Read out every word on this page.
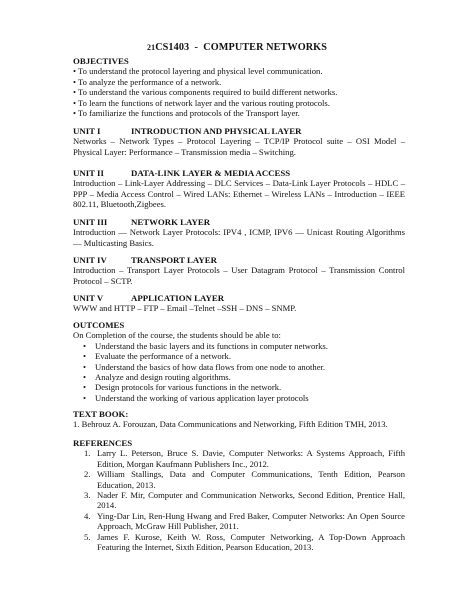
21CS1403 - COMPUTER NETWORKS
OBJECTIVES
• To understand the protocol layering and physical level communication.
• To analyze the performance of a network.
• To understand the various components required to build different networks.
• To learn the functions of network layer and the various routing protocols.
• To familiarize the functions and protocols of the Transport layer.
UNIT I	INTRODUCTION AND PHYSICAL LAYER
Networks – Network Types – Protocol Layering – TCP/IP Protocol suite – OSI Model – Physical Layer: Performance – Transmission media – Switching.
UNIT II	DATA-LINK LAYER & MEDIA ACCESS
Introduction – Link-Layer Addressing – DLC Services – Data-Link Layer Protocols – HDLC – PPP – Media Access Control – Wired LANs: Ethernet – Wireless LANs – Introduction – IEEE 802.11, Bluetooth,Zigbees.
UNIT III	NETWORK LAYER
Introduction — Network Layer Protocols: IPV4 , ICMP, IPV6 — Unicast Routing Algorithms — Multicasting Basics.
UNIT IV	TRANSPORT LAYER
Introduction – Transport Layer Protocols – User Datagram Protocol – Transmission Control Protocol – SCTP.
UNIT V	APPLICATION LAYER
WWW and HTTP – FTP – Email –Telnet –SSH – DNS – SNMP.
OUTCOMES
On Completion of the course, the students should be able to:
• Understand the basic layers and its functions in computer networks.
• Evaluate the performance of a network.
• Understand the basics of how data flows from one node to another.
• Analyze and design routing algorithms.
• Design protocols for various functions in the network.
• Understand the working of various application layer protocols
TEXT BOOK:
1. Behrouz A. Forouzan, Data Communications and Networking, Fifth Edition TMH, 2013.
REFERENCES
1. Larry L. Peterson, Bruce S. Davie, Computer Networks: A Systems Approach, Fifth Edition, Morgan Kaufmann Publishers Inc., 2012.
2. William Stallings, Data and Computer Communications, Tenth Edition, Pearson Education, 2013.
3. Nader F. Mir, Computer and Communication Networks, Second Edition, Prentice Hall, 2014.
4. Ying-Dar Lin, Ren-Hung Hwang and Fred Baker, Computer Networks: An Open Source Approach, McGraw Hill Publisher, 2011.
5. James F. Kurose, Keith W. Ross, Computer Networking, A Top-Down Approach Featuring the Internet, Sixth Edition, Pearson Education, 2013.
